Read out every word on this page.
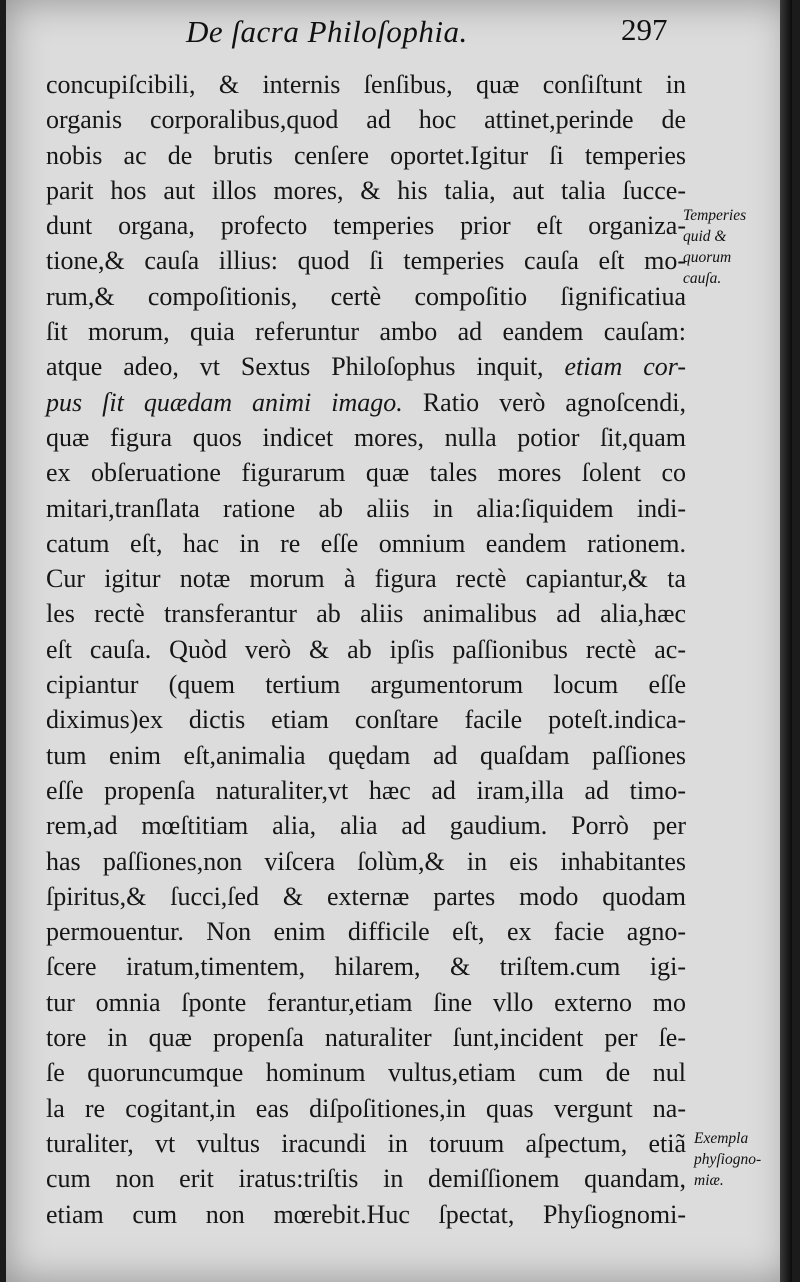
De ſacra Philoſophia.	297
concupiſcibili, & internis ſenſibus, quæ conſiſtunt in
organis corporalibus,quod ad hoc attinet,perinde de
nobis ac de brutis cenſere oportet.Igitur ſi temperies
parit hos aut illos mores, & his talia, aut talia ſucce-
dunt organa, profecto temperies prior eſt organiza-
tione,& cauſa illius: quod ſi temperies cauſa eſt mo-
rum,& compoſitionis, certè compoſitio ſignificatiua
ſit morum, quia referuntur ambo ad eandem cauſam:
atque adeo, vt Sextus Philoſophus inquit, etiam cor-
pus ſit quædam animi imago. Ratio verò agnoſcendi,
quæ figura quos indicet mores, nulla potior ſit,quam
ex obſeruatione figurarum quæ tales mores ſolent co
mitari,tranſlata ratione ab aliis in alia:ſiquidem indi-
catum eſt, hac in re eſſe omnium eandem rationem.
Cur igitur notæ morum à figura rectè capiantur,& ta
les rectè transferantur ab aliis animalibus ad alia,hæc
eſt cauſa. Quòd verò & ab ipſis paſſionibus rectè ac-
cipiantur (quem tertium argumentorum locum eſſe
diximus)ex dictis etiam conſtare facile poteſt.indica-
tum enim eſt,animalia quędam ad quaſdam paſſiones
eſſe propenſa naturaliter,vt hæc ad iram,illa ad timo-
rem,ad mœſtitiam alia, alia ad gaudium. Porrò per
has paſſiones,non viſcera ſolùm,& in eis inhabitantes
ſpiritus,& ſucci,ſed & externæ partes modo quodam
permouentur. Non enim difficile eſt, ex facie agno-
ſcere iratum,timentem, hilarem, & triſtem.cum igi-
tur omnia ſponte ferantur,etiam ſine vllo externo mo
tore in quæ propenſa naturaliter ſunt,incident per ſe-
ſe quoruncumque hominum vultus,etiam cum de nul
la re cogitant,in eas diſpoſitiones,in quas vergunt na-
turaliter, vt vultus iracundi in toruum aſpectum, etiã
cum non erit iratus:triſtis in demiſſionem quandam,
etiam cum non mœrebit.Huc ſpectat, Phyſiognomi-
Temperies
quid &
quorum
cauſa.
Exempla
phyſiogno-
miæ.
